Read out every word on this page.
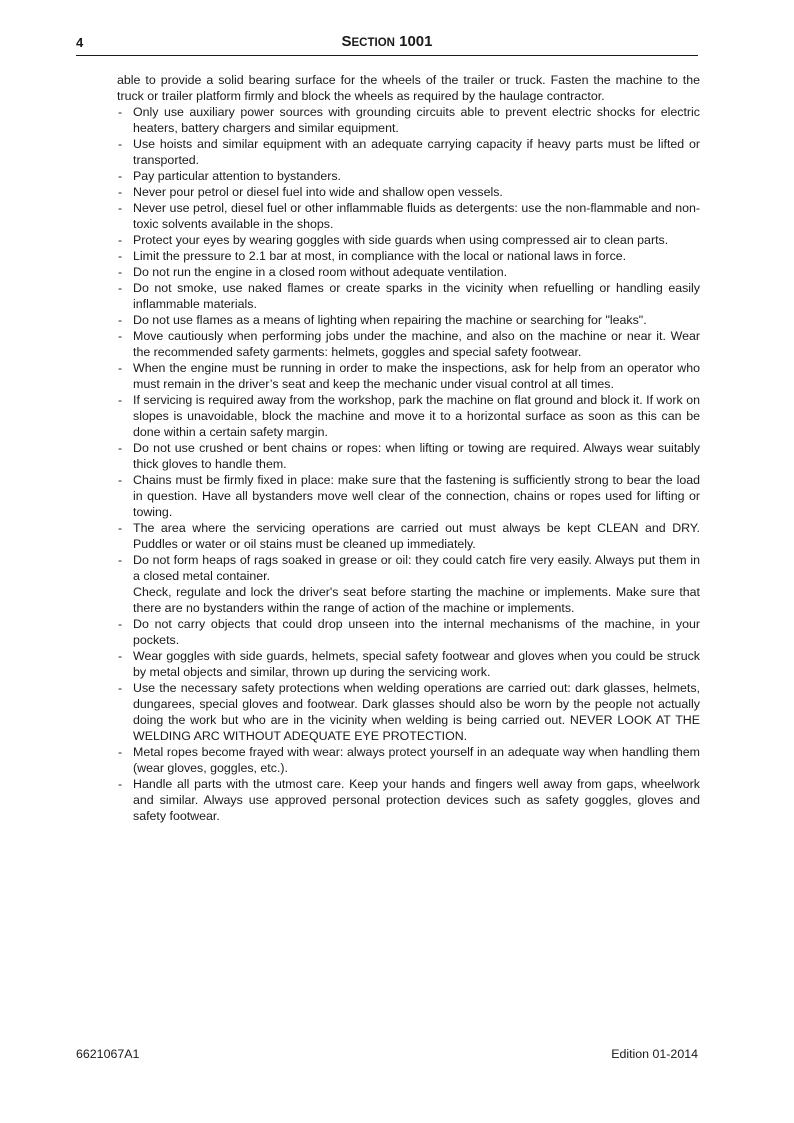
4	SECTION 1001

able to provide a solid bearing surface for the wheels of the trailer or truck. Fasten the machine to the truck or trailer platform firmly and block the wheels as required by the haulage contractor.

- Only use auxiliary power sources with grounding circuits able to prevent electric shocks for electric heaters, battery chargers and similar equipment.

- Use hoists and similar equipment with an adequate carrying capacity if heavy parts must be lifted or transported.

- Pay particular attention to bystanders.

- Never pour petrol or diesel fuel into wide and shallow open vessels.

- Never use petrol, diesel fuel or other inflammable fluids as detergents: use the non-flammable and non-toxic solvents available in the shops.

- Protect your eyes by wearing goggles with side guards when using compressed air to clean parts.

- Limit the pressure to 2.1 bar at most, in compliance with the local or national laws in force.

- Do not run the engine in a closed room without adequate ventilation.

- Do not smoke, use naked flames or create sparks in the vicinity when refuelling or handling easily inflammable materials.

- Do not use flames as a means of lighting when repairing the machine or searching for "leaks".

- Move cautiously when performing jobs under the machine, and also on the machine or near it. Wear the recommended safety garments: helmets, goggles and special safety footwear.

- When the engine must be running in order to make the inspections, ask for help from an operator who must remain in the driver’s seat and keep the mechanic under visual control at all times.

- If servicing is required away from the workshop, park the machine on flat ground and block it. If work on slopes is unavoidable, block the machine and move it to a horizontal surface as soon as this can be done within a certain safety margin.

- Do not use crushed or bent chains or ropes: when lifting or towing are required. Always wear suitably thick gloves to handle them.

- Chains must be firmly fixed in place: make sure that the fastening is sufficiently strong to bear the load in question. Have all bystanders move well clear of the connection, chains or ropes used for lifting or towing.

- The area where the servicing operations are carried out must always be kept CLEAN and DRY. Puddles or water or oil stains must be cleaned up immediately.

- Do not form heaps of rags soaked in grease or oil: they could catch fire very easily. Always put them in a closed metal container.

Check, regulate and lock the driver's seat before starting the machine or implements. Make sure that there are no bystanders within the range of action of the machine or implements.

- Do not carry objects that could drop unseen into the internal mechanisms of the machine, in your pockets.

- Wear goggles with side guards, helmets, special safety footwear and gloves when you could be struck by metal objects and similar, thrown up during the servicing work.

- Use the necessary safety protections when welding operations are carried out: dark glasses, helmets, dungarees, special gloves and footwear. Dark glasses should also be worn by the people not actually doing the work but who are in the vicinity when welding is being carried out. NEVER LOOK AT THE WELDING ARC WITHOUT ADEQUATE EYE PROTECTION.

- Metal ropes become frayed with wear: always protect yourself in an adequate way when handling them (wear gloves, goggles, etc.).

- Handle all parts with the utmost care. Keep your hands and fingers well away from gaps, wheelwork and similar. Always use approved personal protection devices such as safety goggles, gloves and safety footwear.

6621067A1	Edition 01-2014
